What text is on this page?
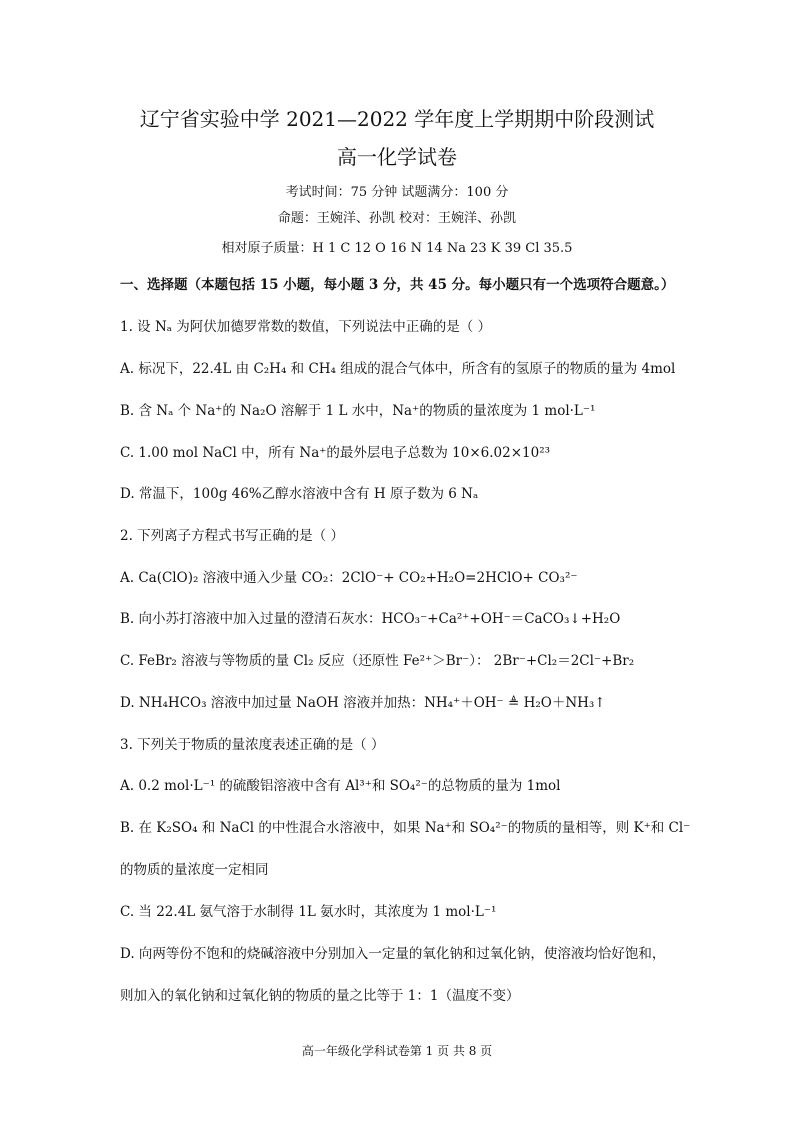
辽宁省实验中学 2021—2022 学年度上学期期中阶段测试
高一化学试卷
考试时间：75 分钟 试题满分：100 分
命题：王婉洋、孙凯 校对：王婉洋、孙凯
相对原子质量：H 1 C 12 O 16 N 14 Na 23 K 39 Cl 35.5
一、选择题（本题包括 15 小题，每小题 3 分，共 45 分。每小题只有一个选项符合题意。）
1. 设 Nₐ 为阿伏加德罗常数的数值，下列说法中正确的是（ ）
A. 标况下，22.4L 由 C₂H₄ 和 CH₄ 组成的混合气体中，所含有的氢原子的物质的量为 4mol
B. 含 Nₐ 个 Na⁺的 Na₂O 溶解于 1 L 水中，Na⁺的物质的量浓度为 1 mol·L⁻¹
C. 1.00 mol NaCl 中，所有 Na⁺的最外层电子总数为 10×6.02×10²³
D. 常温下，100g 46%乙醇水溶液中含有 H 原子数为 6 Nₐ
2. 下列离子方程式书写正确的是（ ）
A. Ca(ClO)₂ 溶液中通入少量 CO₂：2ClO⁻+ CO₂+H₂O=2HClO+ CO₃²⁻
B. 向小苏打溶液中加入过量的澄清石灰水：HCO₃⁻+Ca²⁺+OH⁻＝CaCO₃↓+H₂O
C. FeBr₂ 溶液与等物质的量 Cl₂ 反应（还原性 Fe²⁺＞Br⁻）： 2Br⁻+Cl₂＝2Cl⁻+Br₂
D. NH₄HCO₃ 溶液中加过量 NaOH 溶液并加热：NH₄⁺＋OH⁻ ≜ H₂O＋NH₃↑
3. 下列关于物质的量浓度表述正确的是（ ）
A. 0.2 mol·L⁻¹ 的硫酸铝溶液中含有 Al³⁺和 SO₄²⁻的总物质的量为 1mol
B. 在 K₂SO₄ 和 NaCl 的中性混合水溶液中，如果 Na⁺和 SO₄²⁻的物质的量相等，则 K⁺和 Cl⁻
的物质的量浓度一定相同
C. 当 22.4L 氨气溶于水制得 1L 氨水时，其浓度为 1 mol·L⁻¹
D. 向两等份不饱和的烧碱溶液中分别加入一定量的氧化钠和过氧化钠，使溶液均恰好饱和，
则加入的氧化钠和过氧化钠的物质的量之比等于 1：1（温度不变）
高一年级化学科试卷第 1 页 共 8 页
